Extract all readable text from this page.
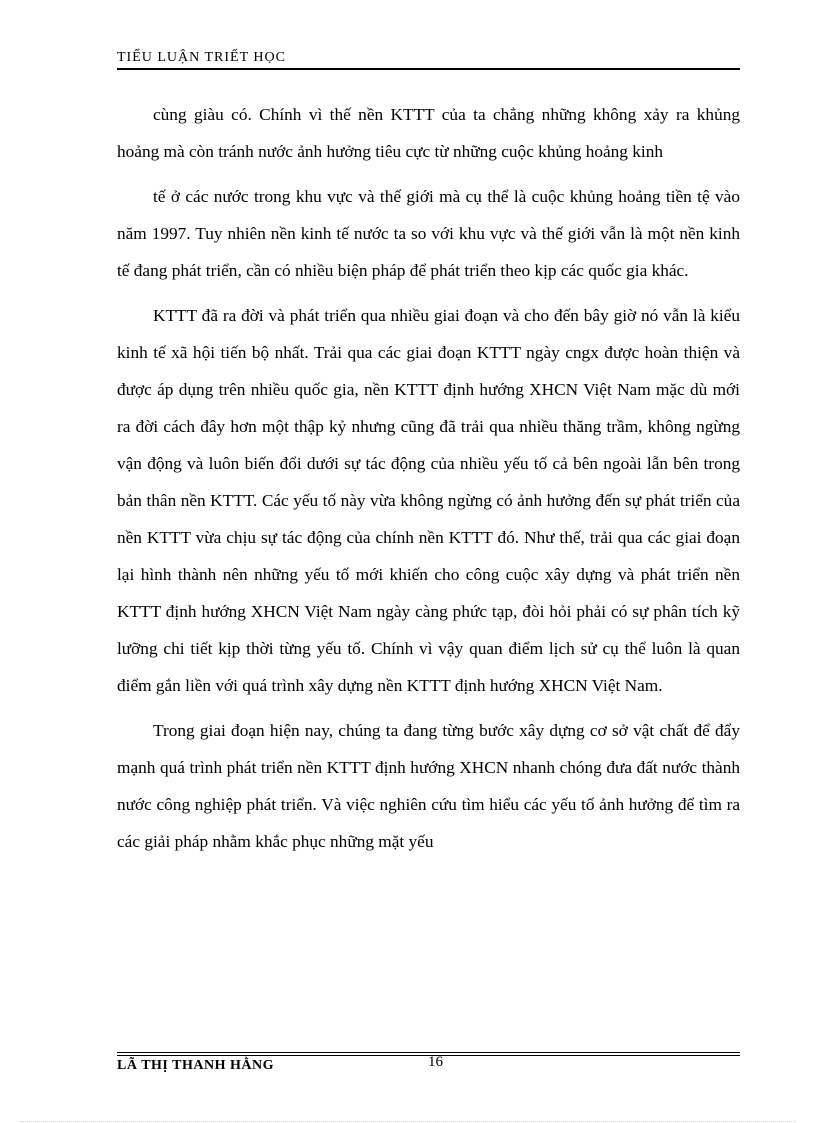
TIỂU LUẬN TRIẾT HỌC

cùng giàu có. Chính vì thế nền KTTT của ta chẳng những không xảy ra khủng hoảng mà còn tránh nước ảnh hưởng tiêu cực từ những cuộc khủng hoảng kinh

tế ở các nước trong khu vực và thế giới mà cụ thể là cuộc khủng hoảng tiền tệ vào năm 1997. Tuy nhiên nền kinh tế nước ta so với khu vực và thế giới vẫn là một nền kinh tế đang phát triển, cần có nhiều biện pháp để phát triển theo kịp các quốc gia khác.

KTTT đã ra đời và phát triển qua nhiều giai đoạn và cho đến bây giờ nó vẫn là kiểu kinh tế xã hội tiến bộ nhất. Trải qua các giai đoạn KTTT ngày cngx được hoàn thiện và được áp dụng trên nhiều quốc gia, nền KTTT định hướng XHCN Việt Nam mặc dù mới ra đời cách đây hơn một thập kỷ nhưng cũng đã trải qua nhiều thăng trầm, không ngừng vận động và luôn biến đổi dưới sự tác động của nhiều yếu tố cả bên ngoài lẫn bên trong bản thân nền KTTT. Các yếu tố này vừa không ngừng có ảnh hưởng đến sự phát triển của nền KTTT vừa chịu sự tác động của chính nền KTTT đó. Như thế, trải qua các giai đoạn lại hình thành nên những yếu tố mới khiến cho công cuộc xây dựng và phát triển nền KTTT định hướng XHCN Việt Nam ngày càng phức tạp, đòi hỏi phải có sự phân tích kỹ lưỡng chi tiết kịp thời từng yếu tố. Chính vì vậy quan điểm lịch sử cụ thể luôn là quan điểm gắn liền với quá trình xây dựng nền KTTT định hướng XHCN Việt Nam.

Trong giai đoạn hiện nay, chúng ta đang từng bước xây dựng cơ sở vật chất để đẩy mạnh quá trình phát triển nền KTTT định hướng XHCN nhanh chóng đưa đất nước thành nước công nghiệp phát triển. Và việc nghiên cứu tìm hiểu các yếu tố ảnh hưởng để tìm ra các giải pháp nhằm khắc phục những mặt yếu

LÃ THỊ THANH HẰNG	16
